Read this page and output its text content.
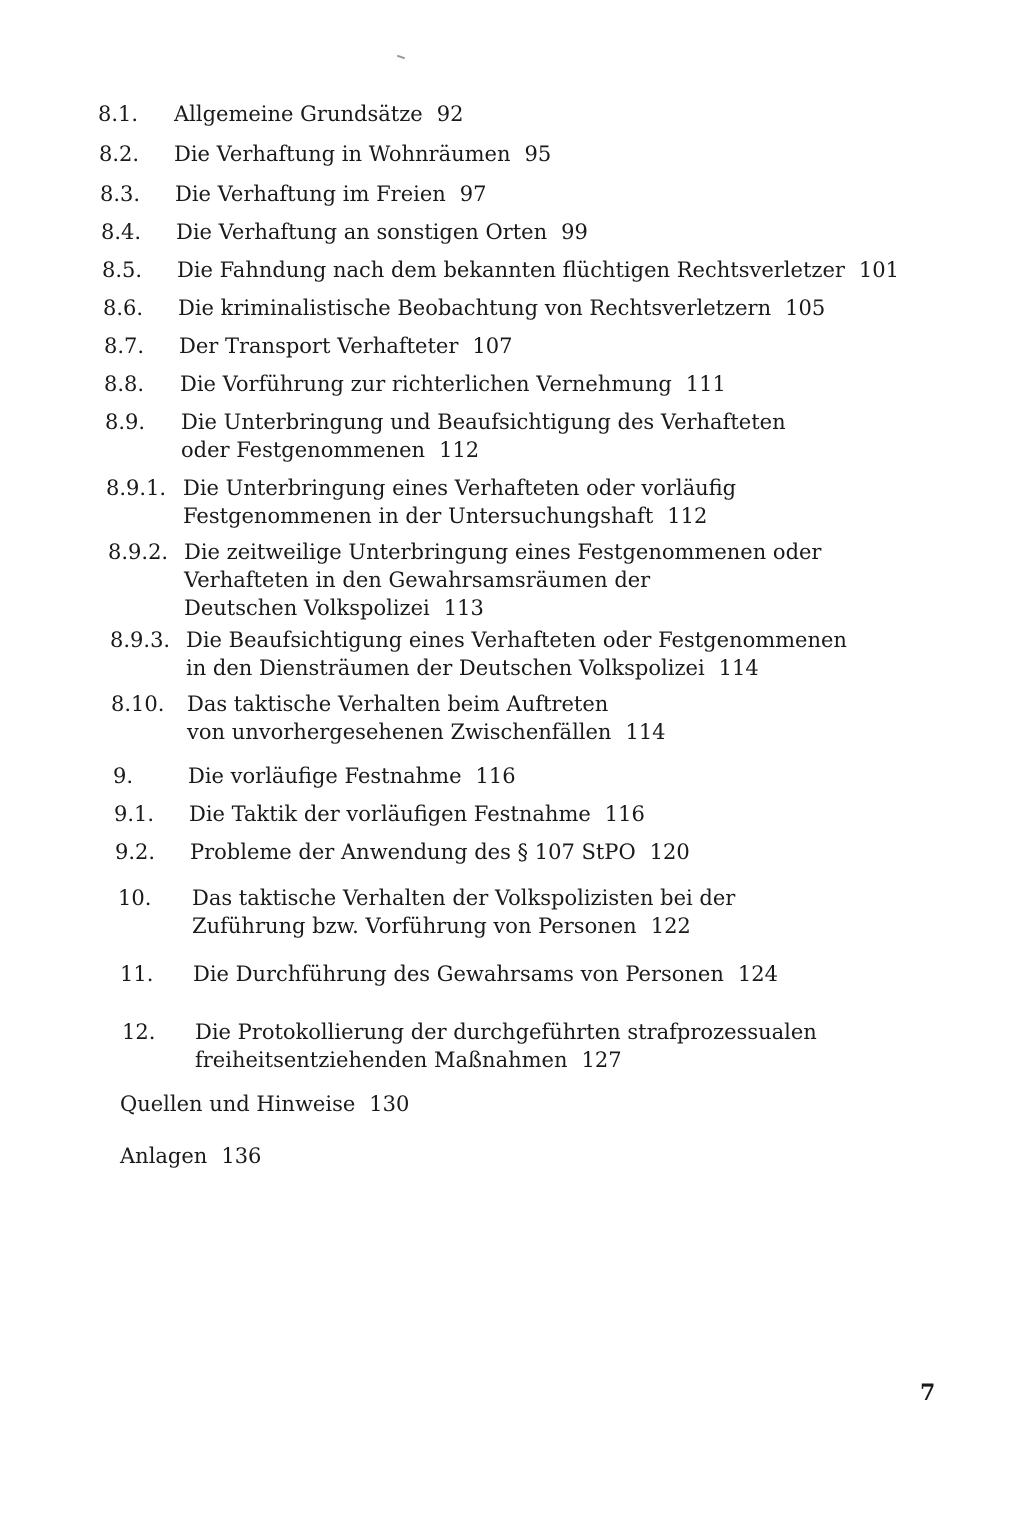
8.1. Allgemeine Grundsätze 92
8.2. Die Verhaftung in Wohnräumen 95
8.3. Die Verhaftung im Freien 97
8.4. Die Verhaftung an sonstigen Orten 99
8.5. Die Fahndung nach dem bekannten flüchtigen Rechtsverletzer 101
8.6. Die kriminalistische Beobachtung von Rechtsverletzern 105
8.7. Der Transport Verhafteter 107
8.8. Die Vorführung zur richterlichen Vernehmung 111
8.9. Die Unterbringung und Beaufsichtigung des Verhafteten
oder Festgenommenen 112
8.9.1. Die Unterbringung eines Verhafteten oder vorläufig
Festgenommenen in der Untersuchungshaft 112
8.9.2. Die zeitweilige Unterbringung eines Festgenommenen oder
Verhafteten in den Gewahrsamsräumen der
Deutschen Volkspolizei 113
8.9.3. Die Beaufsichtigung eines Verhafteten oder Festgenommenen
in den Diensträumen der Deutschen Volkspolizei 114
8.10. Das taktische Verhalten beim Auftreten
von unvorhergesehenen Zwischenfällen 114
9.	Die vorläufige Festnahme 116
9.1. Die Taktik der vorläufigen Festnahme 116
9.2. Probleme der Anwendung des § 107 StPO 120
10. Das taktische Verhalten der Volkspolizisten bei der
Zuführung bzw. Vorführung von Personen 122
11. Die Durchführung des Gewahrsams von Personen 124
12. Die Protokollierung der durchgeführten strafprozessualen
freiheitsentziehenden Maßnahmen 127
Quellen und Hinweise 130
Anlagen 136
7
